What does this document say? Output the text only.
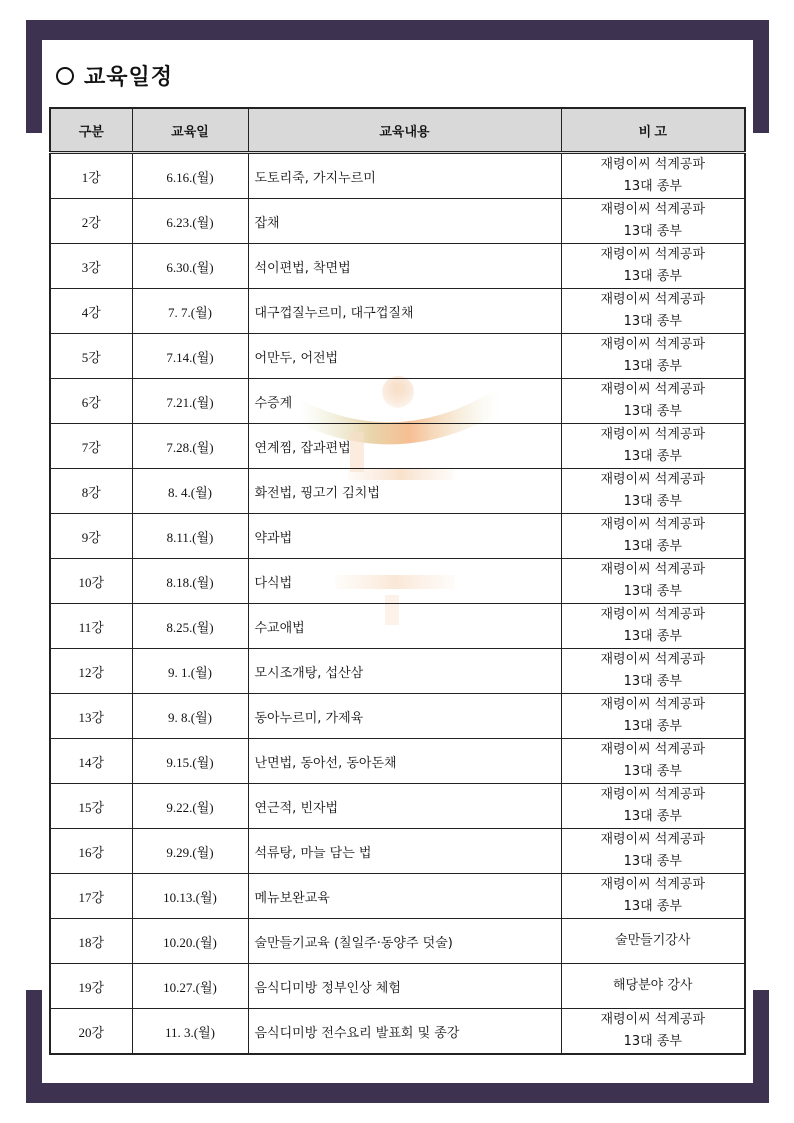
교육일정
구분	교육일	교육내용	비 고
1강	6.16.(월)	도토리죽, 가지누르미	재령이씨 석계공파
13대 종부

2강	6.23.(월)	잡채	재령이씨 석계공파
13대 종부

3강	6.30.(월)	석이편법, 착면법	재령이씨 석계공파
13대 종부

4강	7. 7.(월)	대구껍질누르미, 대구껍질채	재령이씨 석계공파
13대 종부

5강	7.14.(월)	어만두, 어전법	재령이씨 석계공파
13대 종부

6강	7.21.(월)	수증계	재령이씨 석계공파
13대 종부

7강	7.28.(월)	연계찜, 잡과편법	재령이씨 석계공파
13대 종부

8강	8. 4.(월)	화전법, 꿩고기 김치법	재령이씨 석계공파
13대 종부

9강	8.11.(월)	약과법	재령이씨 석계공파
13대 종부

10강	8.18.(월)	다식법	재령이씨 석계공파
13대 종부

11강	8.25.(월)	수교애법	재령이씨 석계공파
13대 종부

12강	9. 1.(월)	모시조개탕, 섭산삼	재령이씨 석계공파
13대 종부

13강	9. 8.(월)	동아누르미, 가제육	재령이씨 석계공파
13대 종부

14강	9.15.(월)	난면법, 동아선, 동아돈채	재령이씨 석계공파
13대 종부

15강	9.22.(월)	연근적, 빈자법	재령이씨 석계공파
13대 종부

16강	9.29.(월)	석류탕, 마늘 담는 법	재령이씨 석계공파
13대 종부

17강	10.13.(월)	메뉴보완교육	재령이씨 석계공파
13대 종부

18강	10.20.(월)	술만들기교육 (칠일주·동양주 덧술)	술만들기강사

19강	10.27.(월)	음식디미방 정부인상 체험	해당분야 강사

20강	11. 3.(월)	음식디미방 전수요리 발표회 및 종강	재령이씨 석계공파
13대 종부
